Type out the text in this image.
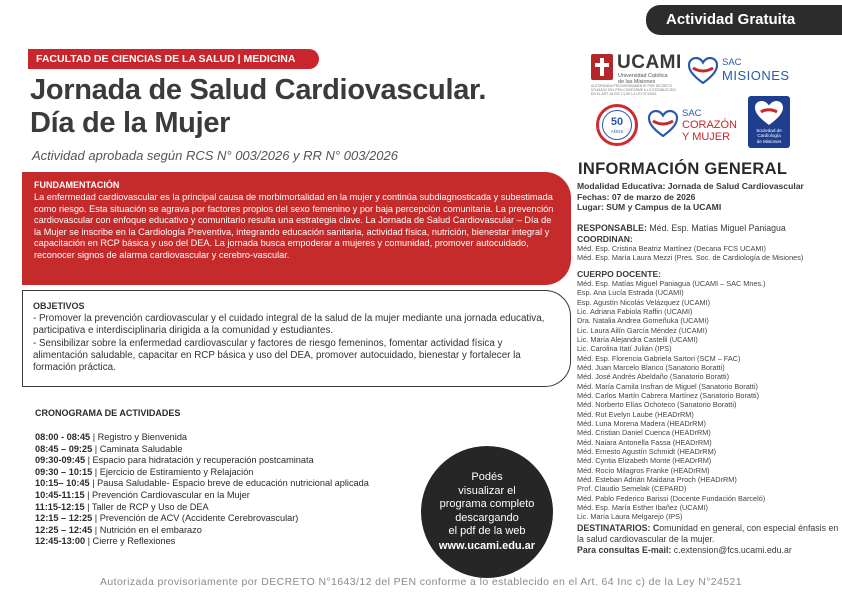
Actividad Gratuita
FACULTAD DE CIENCIAS DE LA SALUD | MEDICINA
Jornada de Salud Cardiovascular.
Día de la Mujer
Actividad aprobada según RCS N° 003/2026 y RR N° 003/2026
FUNDAMENTACIÓN
La enfermedad cardiovascular es la principal causa de morbimortalidad en la mujer y continúa subdiagnosticada y subestimada como riesgo. Esta situación se agrava por factores propios del sexo femenino y por baja percepción comunitaria. La prevención cardiovascular con enfoque educativo y comunitario resulta una estrategia clave. La Jornada de Salud Cardiovascular – Día de la Mujer se inscribe en la Cardiología Preventiva, integrando educación sanitaria, actividad física, nutrición, bienestar integral y capacitación en RCP básica y uso del DEA. La jornada busca empoderar a mujeres y comunidad, promover autocuidado, reconocer signos de alarma cardiovascular y cerebro-vascular.
OBJETIVOS
- Promover la prevención cardiovascular y el cuidado integral de la salud de la mujer mediante una jornada educativa, participativa e interdisciplinaria dirigida a la comunidad y estudiantes.
- Sensibilizar sobre la enfermedad cardiovascular y factores de riesgo femeninos, fomentar actividad física y alimentación saludable, capacitar en RCP básica y uso del DEA, promover autocuidado, bienestar y fortalecer la formación práctica.
CRONOGRAMA DE ACTIVIDADES
08:00 - 08:45 | Registro y Bienvenida
08:45 – 09:25 | Caminata Saludable
09:30-09:45 | Espacio para hidratación y recuperación postcaminata
09:30 – 10:15 | Ejercicio de Estiramiento y Relajación
10:15– 10:45 | Pausa Saludable- Espacio breve de educación nutricional aplicada
10:45-11:15 | Prevención Cardiovascular en la Mujer
11:15-12:15 | Taller de RCP y Uso de DEA
12:15 – 12:25 | Prevención de ACV (Accidente Cerebrovascular)
12:25 – 12:45 | Nutrición en el embarazo
12:45-13:00 | Cierre y Reflexiones
Podés
visualizar el
programa completo
descargando
el pdf de la web
www.ucami.edu.ar
UCAMI
Universidad Católica
de las Misiones
AUTORIZADA PROVISORIAMENTE POR DECRETO N°1643/12 DEL PEN CONFORME A LO ESTABLECIDO EN EL ART. 64 INC C) DE LA LEY N°24521
SAC
MISIONES
50
AÑOS
SAC
CORAZÓN
Y MUJER
Sociedad de
Cardiología
de Misiones
INFORMACIÓN GENERAL
Modalidad Educativa: Jornada de Salud Cardiovascular
Fechas: 07 de marzo de 2026
Lugar: SUM y Campus de la UCAMI
RESPONSABLE: Méd. Esp. Matías Miguel Paniagua
COORDINAN:
Méd. Esp. Cristina Beatriz Martínez (Decana FCS UCAMI)
Méd. Esp. María Laura Mezzi (Pres. Soc. de Cardiología de Misiones)
CUERPO DOCENTE:
Méd. Esp. Matías Miguel Paniagua (UCAMI – SAC Mnes.)
Esp. Ana Lucía Estrada (UCAMI)
Esp. Agustín Nicolás Velázquez (UCAMI)
Lic. Adriana Fabiola Raffin (UCAMI)
Dra. Natalia Andrea Gomeñuka (UCAMI)
Lic. Laura Ailín García Méndez (UCAMI)
Lic. María Alejandra Castelli (UCAMI)
Lic. Carolina Itatí Julián (IPS)
Méd. Esp. Florencia Gabriela Sartori (SCM – FAC)
Méd. Juan Marcelo Blanco (Sanatorio Boratti)
Méd. José Andrés Abeldaño (Sanatorio Boratti)
Méd. María Camila Insfran de Miguel (Sanatorio Boratti)
Méd. Carlos Martín Cabrera Martínez (Sanatorio Boratti)
Méd. Norberto Elías Ochoteco (Sanatorio Boratti)
Méd. Rut Evelyn Laube (HEADrRM)
Méd. Luna Morena Madera (HEADrRM)
Méd. Cristian Daniel Cuenca (HEADrRM)
Méd. Naiara Antonella Fassa (HEADrRM)
Méd. Ernesto Agustín Schmidt (HEADrRM)
Méd. Cyntia Elizabeth Monte (HEADrRM)
Méd. Rocío Milagros Franke (HEADrRM)
Méd. Esteban Adrián Maidana Proch (HEADrRM)
Prof. Claudio Semelak (CEPARD)
Méd. Pablo Federico Barissi (Docente Fundación Barceló)
Méd. Esp. María Esther Ibañez (UCAMI)
Lic. María Laura Melgarejo (IPS)
DESTINATARIOS: Comunidad en general, con especial énfasis en la salud cardiovascular de la mujer.
Para consultas E-mail: c.extension@fcs.ucami.edu.ar
Autorizada provisoriamente por DECRETO N°1643/12 del PEN conforme a lo establecido en el Art. 64 Inc c) de la Ley N°24521
